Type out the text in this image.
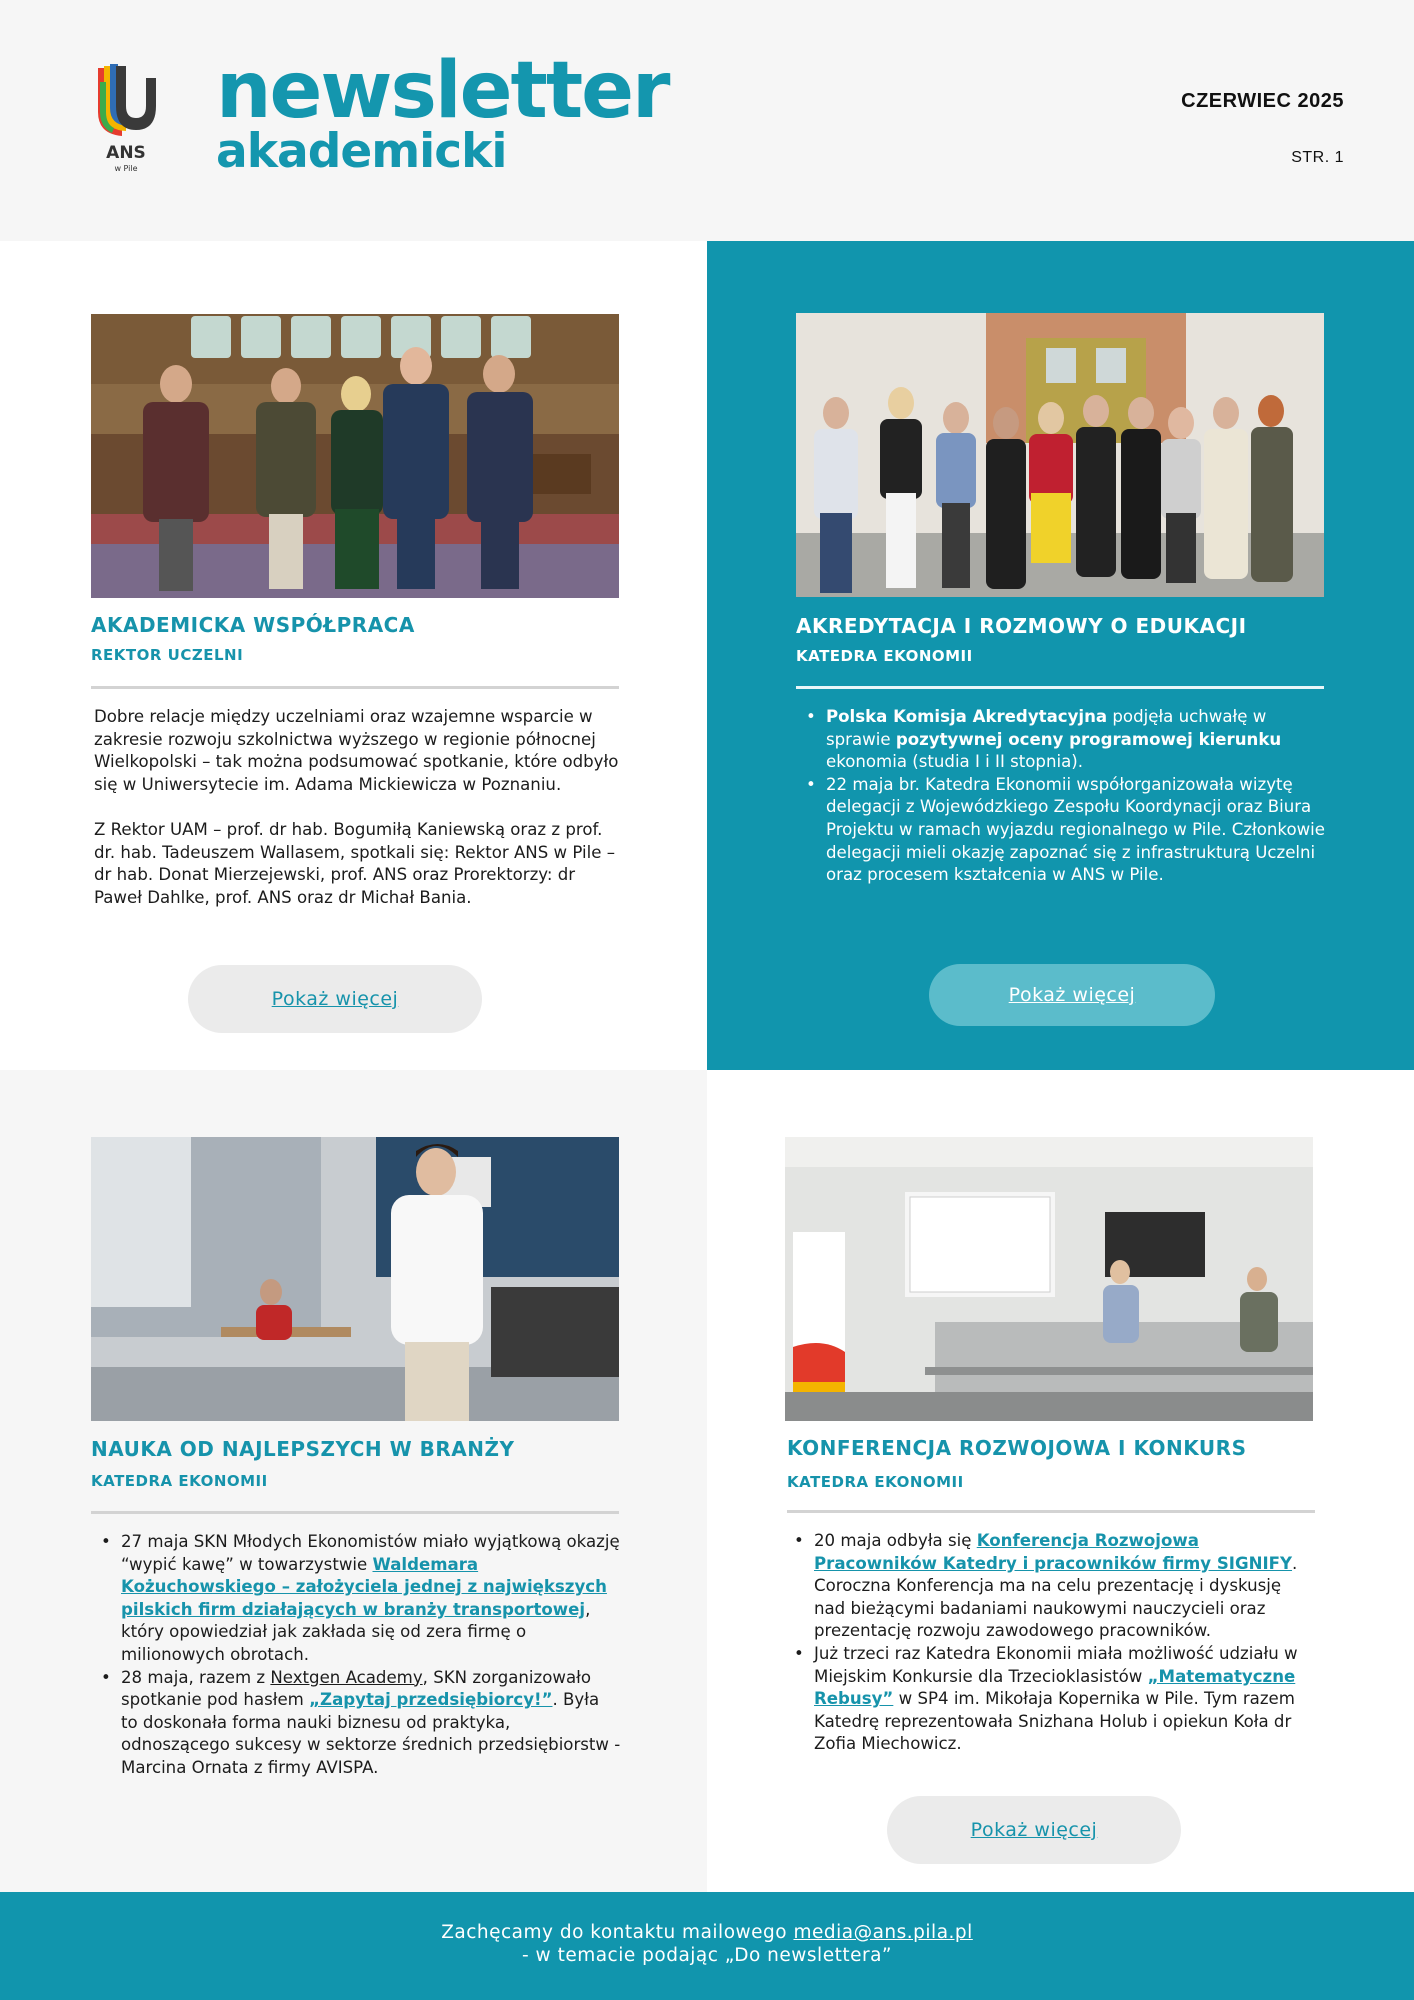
ANS
w Pile
newsletter
akademicki
CZERWIEC 2025
STR. 1
AKADEMICKA WSPÓŁPRACA
REKTOR UCZELNI

Dobre relacje między uczelniami oraz wzajemne wsparcie w zakresie rozwoju szkolnictwa wyższego w regionie północnej Wielkopolski – tak można podsumować spotkanie, które odbyło się w Uniwersytecie im. Adama Mickiewicza w Poznaniu.

Z Rektor UAM – prof. dr hab. Bogumiłą Kaniewską oraz z prof. dr. hab. Tadeuszem Wallasem, spotkali się: Rektor ANS w Pile – dr hab. Donat Mierzejewski, prof. ANS oraz Prorektorzy: dr Paweł Dahlke, prof. ANS oraz dr Michał Bania.

Pokaż więcej
AKREDYTACJA I ROZMOWY O EDUKACJI
KATEDRA EKONOMII
• Polska Komisja Akredytacyjna podjęła uchwałę w sprawie pozytywnej oceny programowej kierunku ekonomia (studia I i II stopnia).
• 22 maja br. Katedra Ekonomii współorganizowała wizytę delegacji z Wojewódzkiego Zespołu Koordynacji oraz Biura Projektu w ramach wyjazdu regionalnego w Pile. Członkowie delegacji mieli okazję zapoznać się z infrastrukturą Uczelni oraz procesem kształcenia w ANS w Pile.
Pokaż więcej
NAUKA OD NAJLEPSZYCH W BRANŻY
KATEDRA EKONOMII
• 27 maja SKN Młodych Ekonomistów miało wyjątkową okazję “wypić kawę” w towarzystwie Waldemara Kożuchowskiego – założyciela jednej z największych pilskich firm działających w branży transportowej, który opowiedział jak zakłada się od zera firmę o milionowych obrotach.
• 28 maja, razem z Nextgen Academy, SKN zorganizowało spotkanie pod hasłem „Zapytaj przedsiębiorcy!”. Była to doskonała forma nauki biznesu od praktyka, odnoszącego sukcesy w sektorze średnich przedsiębiorstw - Marcina Ornata z firmy AVISPA.
KONFERENCJA ROZWOJOWA I KONKURS
KATEDRA EKONOMII
• 20 maja odbyła się Konferencja Rozwojowa Pracowników Katedry i pracowników firmy SIGNIFY. Coroczna Konferencja ma na celu prezentację i dyskusję nad bieżącymi badaniami naukowymi nauczycieli oraz prezentację rozwoju zawodowego pracowników.
• Już trzeci raz Katedra Ekonomii miała możliwość udziału w Miejskim Konkursie dla Trzecioklasistów „Matematyczne Rebusy” w SP4 im. Mikołaja Kopernika w Pile. Tym razem Katedrę reprezentowała Snizhana Holub i opiekun Koła dr Zofia Miechowicz.
Pokaż więcej
Zachęcamy do kontaktu mailowego media@ans.pila.pl
- w temacie podając „Do newslettera”
